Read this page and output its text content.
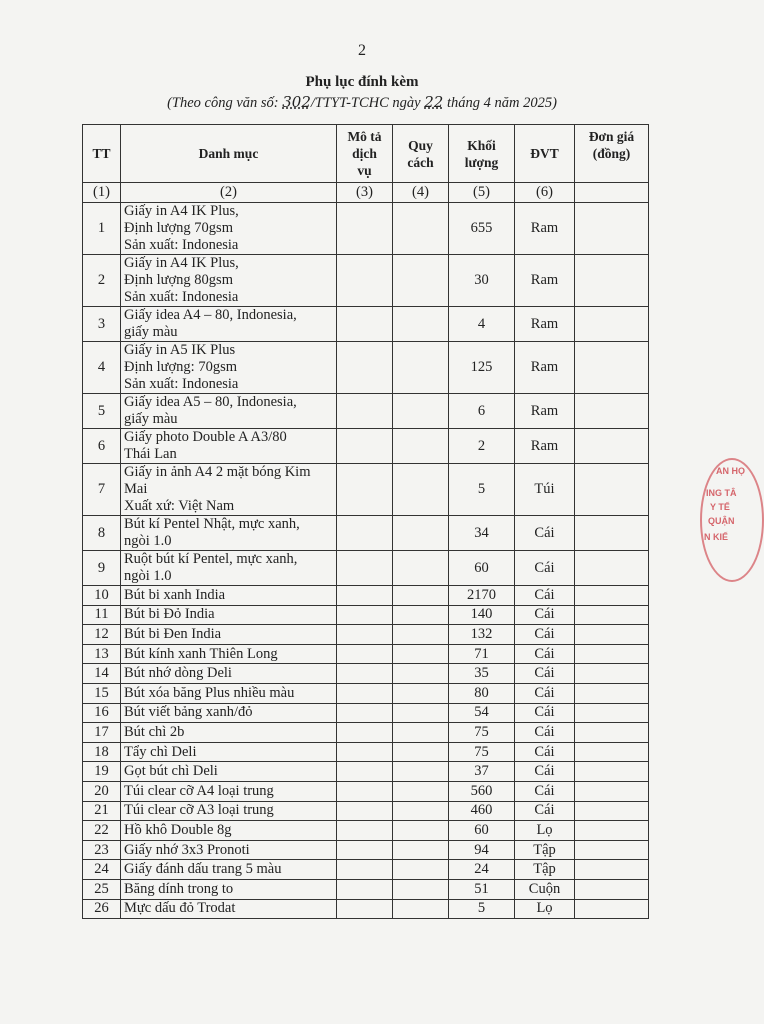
2
Phụ lục đính kèm
(Theo công văn số: 302/TTYT-TCHC ngày 22 tháng 4 năm 2025)
TT	Danh mục	Mô tả dịch vụ	Quy cách	Khối lượng	ĐVT	Đơn giá (đồng)

(1)	(2)	(3)	(4)	(5)	(6)	
1	Giấy in A4 IK Plus,
Định lượng 70gsm
Sản xuất: Indonesia			655	Ram	
2	Giấy in A4 IK Plus,
Định lượng 80gsm
Sản xuất: Indonesia			30	Ram	
3	Giấy idea A4 – 80, Indonesia,
giấy màu			4	Ram	
4	Giấy in A5 IK Plus
Định lượng: 70gsm
Sản xuất: Indonesia			125	Ram	
5	Giấy idea A5 – 80, Indonesia,
giấy màu			6	Ram	
6	Giấy photo Double A A3/80
Thái Lan			2	Ram	
7	Giấy in ảnh A4 2 mặt bóng Kim
Mai
Xuất xứ: Việt Nam			5	Túi	
8	Bút kí Pentel Nhật, mực xanh,
ngòi 1.0			34	Cái	
9	Ruột bút kí Pentel, mực xanh,
ngòi 1.0			60	Cái	
10	Bút bi xanh India			2170	Cái	
11	Bút bi Đỏ India			140	Cái	
12	Bút bi Đen India			132	Cái	
13	Bút kính xanh Thiên Long			71	Cái	
14	Bút nhớ dòng Deli			35	Cái	
15	Bút xóa băng Plus nhiều màu			80	Cái	
16	Bút viết bảng xanh/đỏ			54	Cái	
17	Bút chì 2b			75	Cái	
18	Tẩy chì Deli			75	Cái	
19	Gọt bút chì Deli			37	Cái	
20	Túi clear cỡ A4 loại trung			560	Cái	
21	Túi clear cỡ A3 loại trung			460	Cái	
22	Hồ khô Double 8g			60	Lọ	
23	Giấy nhớ 3x3 Pronoti			94	Tập	
24	Giấy đánh dấu trang 5 màu			24	Tập	
25	Băng dính trong to			51	Cuộn	
26	Mực dấu đỏ Trodat			5	Lọ	
AN HỌ
ING TÂ
Y TẾ
QUẬN
N KIẾ
